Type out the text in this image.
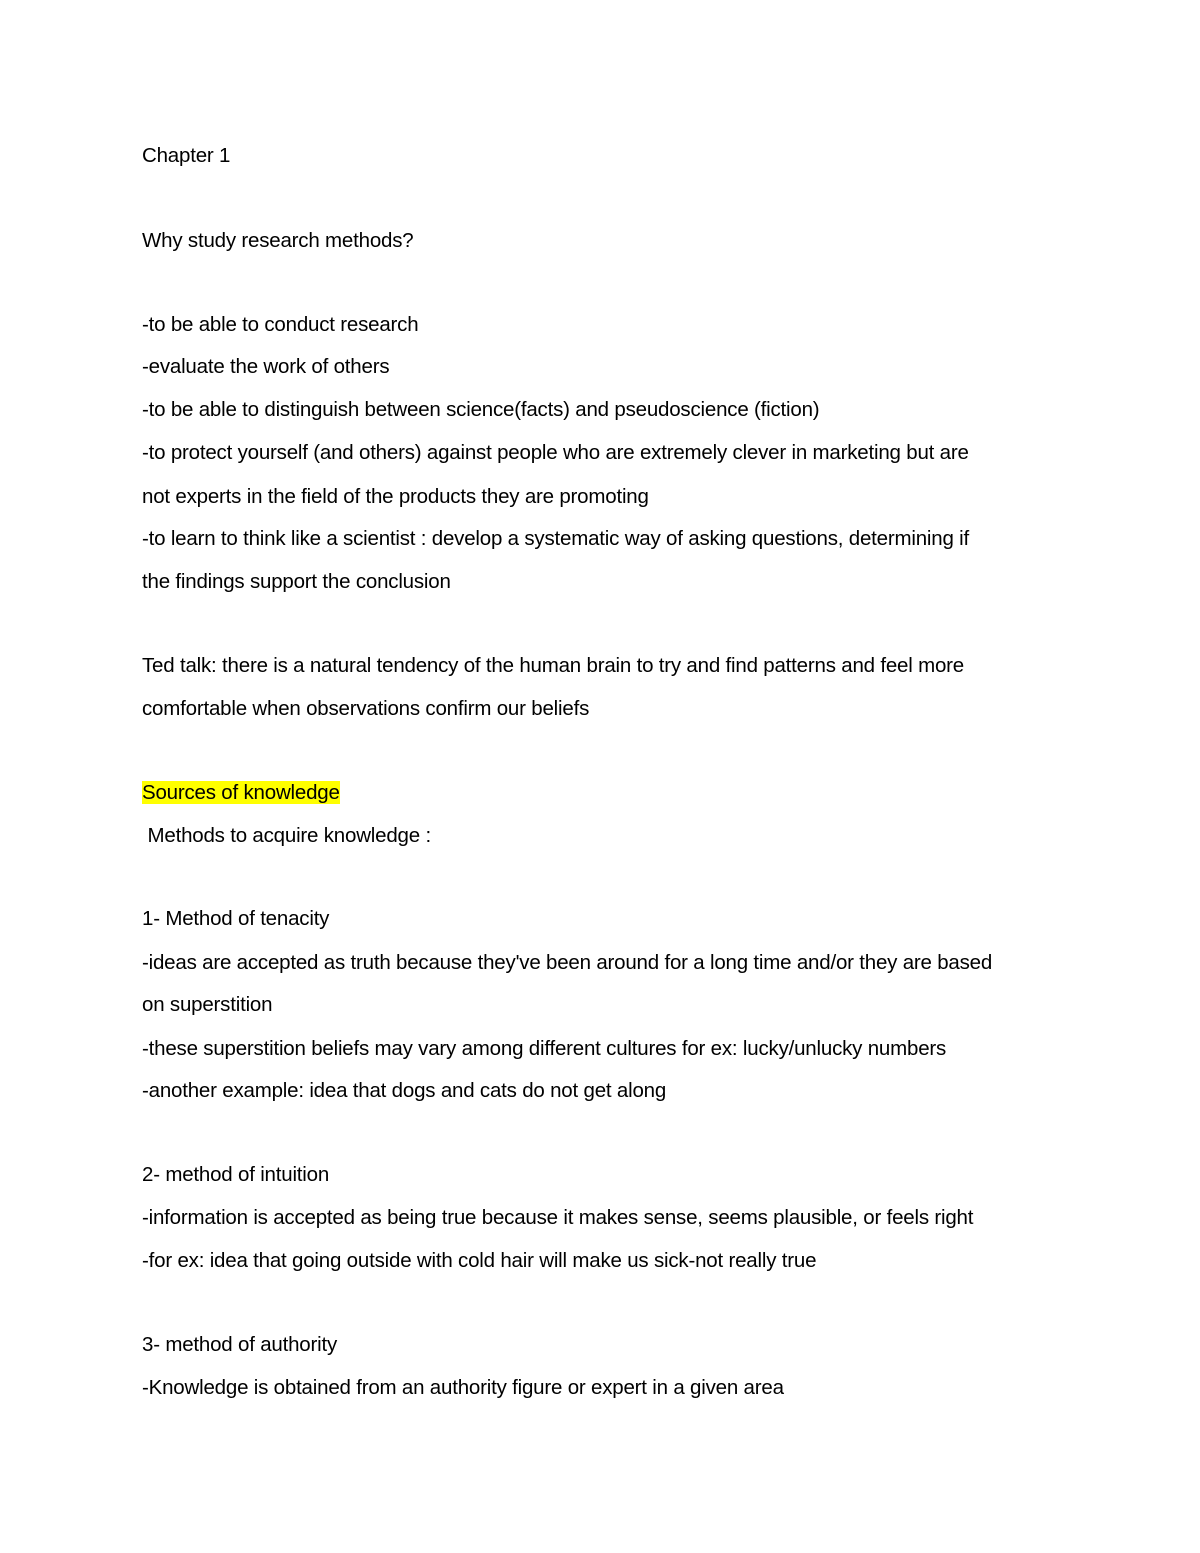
Chapter 1
Why study research methods?
-to be able to conduct research
-evaluate the work of others
-to be able to distinguish between science(facts) and pseudoscience (fiction)
-to protect yourself (and others) against people who are extremely clever in marketing but are
not experts in the field of the products they are promoting
-to learn to think like a scientist : develop a systematic way of asking questions, determining if
the findings support the conclusion
Ted talk: there is a natural tendency of the human brain to try and find patterns and feel more
comfortable when observations confirm our beliefs
Sources of knowledge
Methods to acquire knowledge :
1- Method of tenacity
-ideas are accepted as truth because they've been around for a long time and/or they are based
on superstition
-these superstition beliefs may vary among different cultures for ex: lucky/unlucky numbers
-another example: idea that dogs and cats do not get along
2- method of intuition
-information is accepted as being true because it makes sense, seems plausible, or feels right
-for ex: idea that going outside with cold hair will make us sick-not really true
3- method of authority
-Knowledge is obtained from an authority figure or expert in a given area
